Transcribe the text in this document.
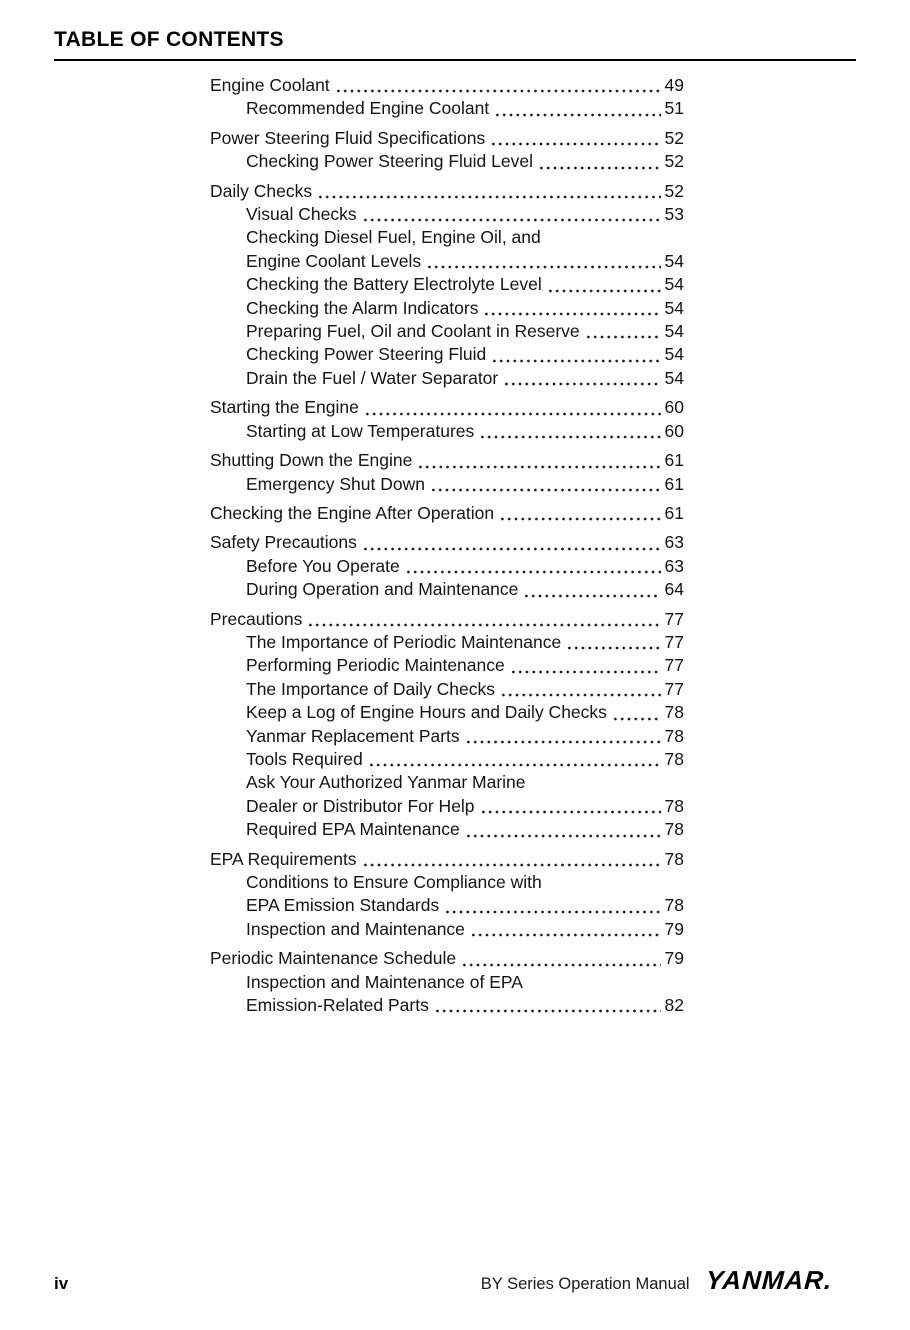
TABLE OF CONTENTS
Engine Coolant	49
Recommended Engine Coolant	51
Power Steering Fluid Specifications	52
Checking Power Steering Fluid Level	52
Daily Checks	52
Visual Checks	53
Checking Diesel Fuel, Engine Oil, and
Engine Coolant Levels	54
Checking the Battery Electrolyte Level	54
Checking the Alarm Indicators	54
Preparing Fuel, Oil and Coolant in Reserve	54
Checking Power Steering Fluid	54
Drain the Fuel / Water Separator	54
Starting the Engine	60
Starting at Low Temperatures	60
Shutting Down the Engine	61
Emergency Shut Down	61
Checking the Engine After Operation	61
Safety Precautions	63
Before You Operate	63
During Operation and Maintenance	64
Precautions	77
The Importance of Periodic Maintenance	77
Performing Periodic Maintenance	77
The Importance of Daily Checks	77
Keep a Log of Engine Hours and Daily Checks	78
Yanmar Replacement Parts	78
Tools Required	78
Ask Your Authorized Yanmar Marine
Dealer or Distributor For Help	78
Required EPA Maintenance	78
EPA Requirements	78
Conditions to Ensure Compliance with
EPA Emission Standards	78
Inspection and Maintenance	79
Periodic Maintenance Schedule	79
Inspection and Maintenance of EPA
Emission-Related Parts	82
iv	BY Series Operation Manual YANMAR.
